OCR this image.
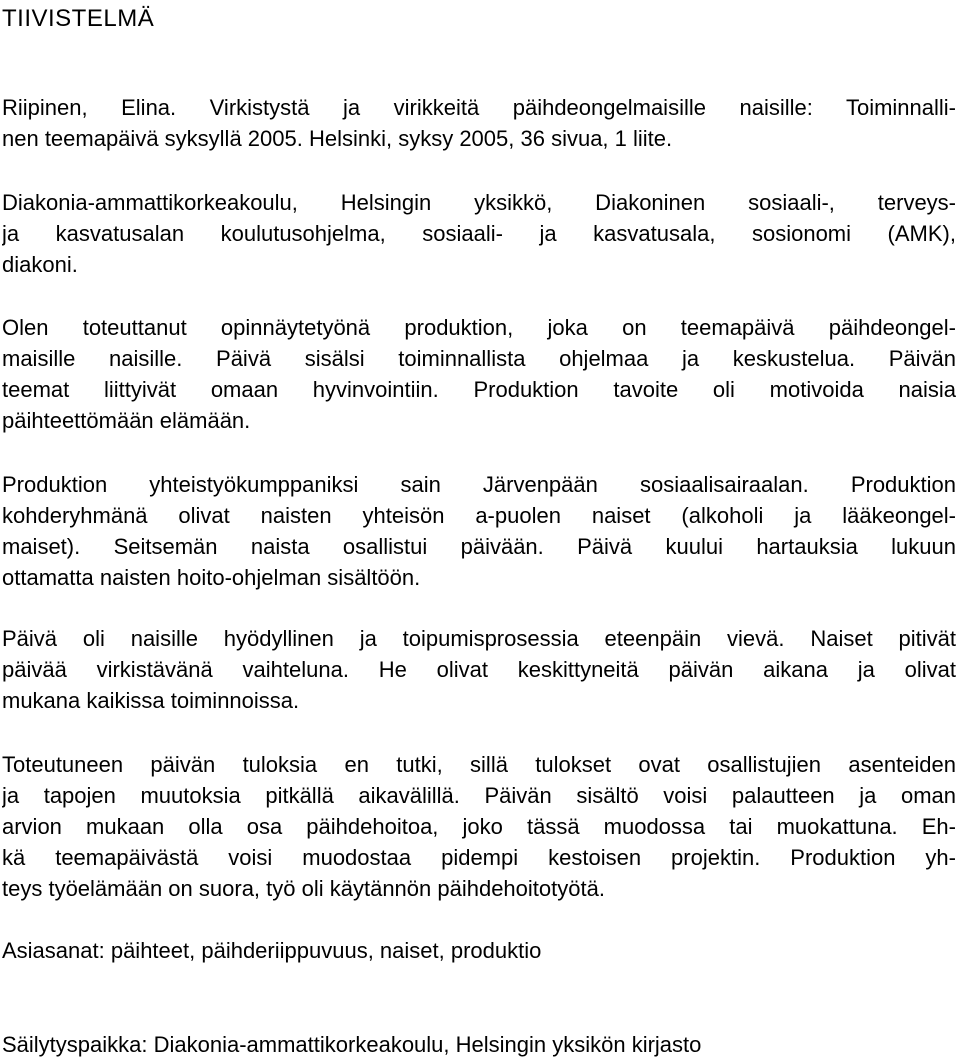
TIIVISTELMÄ
Riipinen, Elina. Virkistystä ja virikkeitä päihdeongelmaisille naisille: Toiminnalli-
nen teemapäivä syksyllä 2005. Helsinki, syksy 2005, 36 sivua, 1 liite.
Diakonia-ammattikorkeakoulu, Helsingin yksikkö, Diakoninen sosiaali-, terveys-
ja kasvatusalan koulutusohjelma, sosiaali- ja kasvatusala, sosionomi (AMK),
diakoni.
Olen toteuttanut opinnäytetyönä produktion, joka on teemapäivä päihdeongel-
maisille naisille. Päivä sisälsi toiminnallista ohjelmaa ja keskustelua. Päivän
teemat liittyivät omaan hyvinvointiin. Produktion tavoite oli motivoida naisia
päihteettömään elämään.
Produktion yhteistyökumppaniksi sain Järvenpään sosiaalisairaalan. Produktion
kohderyhmänä olivat naisten yhteisön a-puolen naiset (alkoholi ja lääkeongel-
maiset). Seitsemän naista osallistui päivään. Päivä kuului hartauksia lukuun
ottamatta naisten hoito-ohjelman sisältöön.
Päivä oli naisille hyödyllinen ja toipumisprosessia eteenpäin vievä. Naiset pitivät
päivää virkistävänä vaihteluna. He olivat keskittyneitä päivän aikana ja olivat
mukana kaikissa toiminnoissa.
Toteutuneen päivän tuloksia en tutki, sillä tulokset ovat osallistujien asenteiden
ja tapojen muutoksia pitkällä aikavälillä. Päivän sisältö voisi palautteen ja oman
arvion mukaan olla osa päihdehoitoa, joko tässä muodossa tai muokattuna. Eh-
kä teemapäivästä voisi muodostaa pidempi kestoisen projektin. Produktion yh-
teys työelämään on suora, työ oli käytännön päihdehoitotyötä.
Asiasanat: päihteet, päihderiippuvuus, naiset, produktio
Säilytyspaikka: Diakonia-ammattikorkeakoulu, Helsingin yksikön kirjasto
